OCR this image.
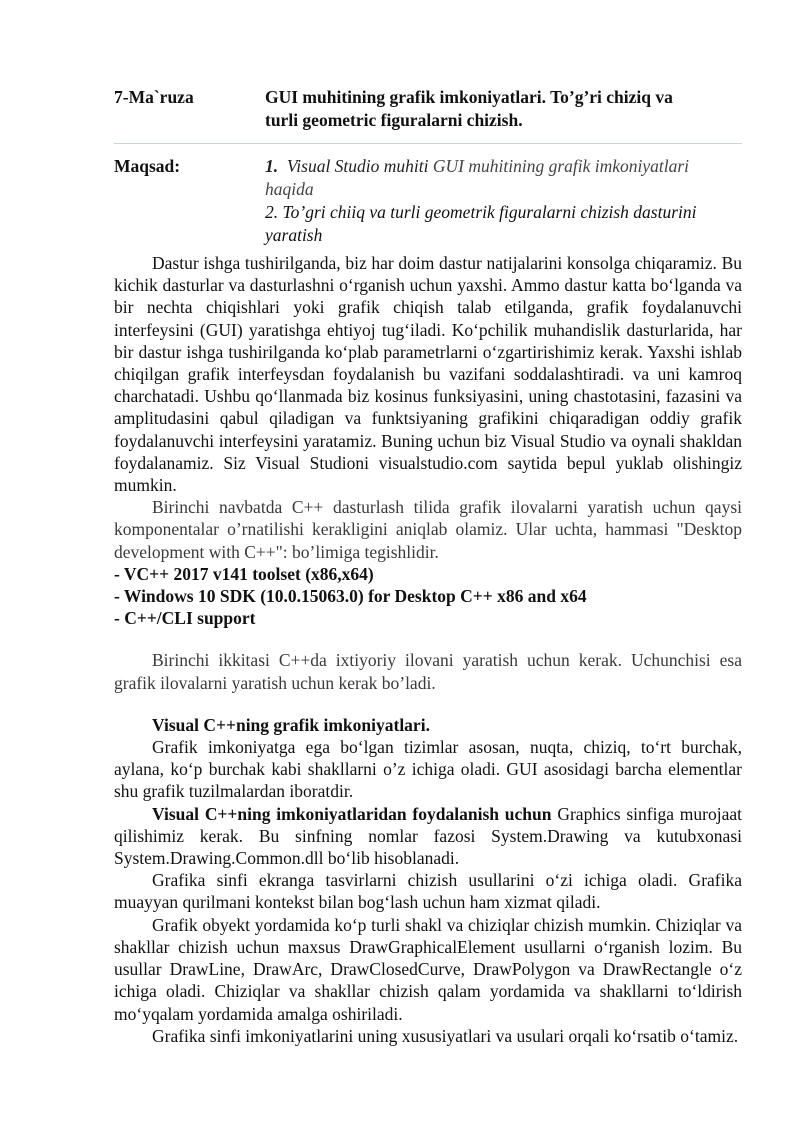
7-Ma`ruza	GUI muhitining grafik imkoniyatlari. To’g’ri chiziq va
turli geometric figuralarni chizish.
Maqsad:	1. Visual Studio muhiti GUI muhitining grafik imkoniyatlari haqida
2. To’gri chiiq va turli geometrik figuralarni chizish dasturini yaratish

Dastur ishga tushirilganda, biz har doim dastur natijalarini konsolga chiqaramiz. Bu kichik dasturlar va dasturlashni o‘rganish uchun yaxshi. Ammo dastur katta bo‘lganda va bir nechta chiqishlari yoki grafik chiqish talab etilganda, grafik foydalanuvchi interfeysini (GUI) yaratishga ehtiyoj tug‘iladi. Ko‘pchilik muhandislik dasturlarida, har bir dastur ishga tushirilganda ko‘plab parametrlarni o‘zgartirishimiz kerak. Yaxshi ishlab chiqilgan grafik interfeysdan foydalanish bu vazifani soddalashtiradi. va uni kamroq charchatadi. Ushbu qo‘llanmada biz kosinus funksiyasini, uning chastotasini, fazasini va amplitudasini qabul qiladigan va funktsiyaning grafikini chiqaradigan oddiy grafik foydalanuvchi interfeysini yaratamiz. Buning uchun biz Visual Studio va oynali shakldan foydalanamiz. Siz Visual Studioni visualstudio.com saytida bepul yuklab olishingiz mumkin.

Birinchi navbatda C++ dasturlash tilida grafik ilovalarni yaratish uchun qaysi komponentalar o’rnatilishi kerakligini aniqlab olamiz. Ular uchta, hammasi "Desktop development with C++": bo’limiga tegishlidir.

- VC++ 2017 v141 toolset (x86,x64)
- Windows 10 SDK (10.0.15063.0) for Desktop C++ x86 and x64
- C++/CLI support

Birinchi ikkitasi C++da ixtiyoriy ilovani yaratish uchun kerak. Uchunchisi esa grafik ilovalarni yaratish uchun kerak bo’ladi.

Visual C++ning grafik imkoniyatlari.

Grafik imkoniyatga ega bo‘lgan tizimlar asosan, nuqta, chiziq, to‘rt burchak, aylana, ko‘p burchak kabi shakllarni o’z ichiga oladi. GUI asosidagi barcha elementlar shu grafik tuzilmalardan iboratdir.

Visual C++ning imkoniyatlaridan foydalanish uchun Graphics sinfiga murojaat qilishimiz kerak. Bu sinfning nomlar fazosi System.Drawing va kutubxonasi System.Drawing.Common.dll bo‘lib hisoblanadi.

Grafika sinfi ekranga tasvirlarni chizish usullarini o‘zi ichiga oladi. Grafika muayyan qurilmani kontekst bilan bog‘lash uchun ham xizmat qiladi.

Grafik obyekt yordamida ko‘p turli shakl va chiziqlar chizish mumkin. Chiziqlar va shakllar chizish uchun maxsus DrawGraphicalElement usullarni o‘rganish lozim. Bu usullar DrawLine, DrawArc, DrawClosedCurve, DrawPolygon va DrawRectangle o‘z ichiga oladi. Chiziqlar va shakllar chizish qalam yordamida va shakllarni to‘ldirish mo‘yqalam yordamida amalga oshiriladi.

Grafika sinfi imkoniyatlarini uning xususiyatlari va usulari orqali ko‘rsatib o‘tamiz.
